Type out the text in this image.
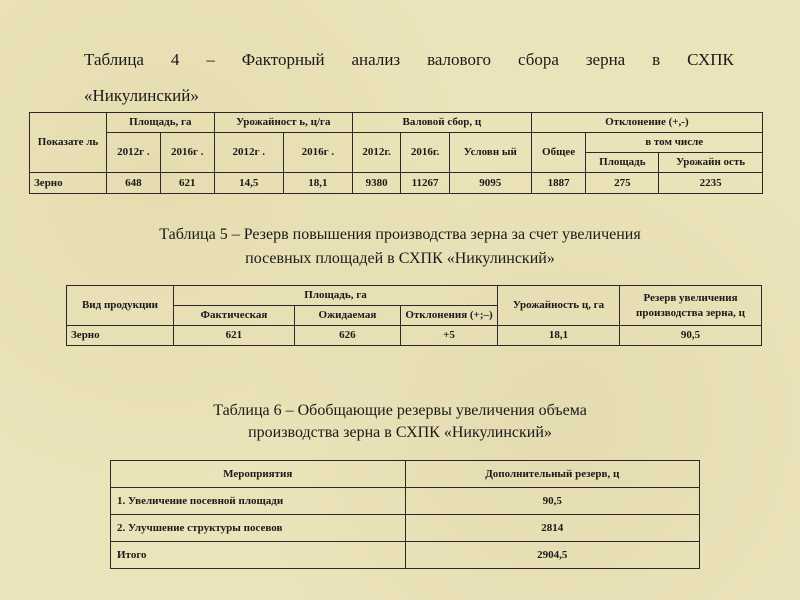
Таблица 4 – Факторный анализ валового сбора зерна в СХПК
«Никулинский»
Показате ль	Площадь, га		Урожайност ь, ц/га		Валовой сбор, ц			Отклонение (+,-)		
	2012г .	2016г .	2012г .	2016г .	2012г.	2016г.	Условн ый	Общее	в том числе	
									Площадь	Урожайн ость
Зерно	648	621	14,5	18,1	9380	11267	9095	1887	275	2235
Таблица 5 – Резерв повышения производства зерна за счет увеличения
посевных площадей в СХПК «Никулинский»
Вид продукции	Площадь, га			Урожайность ц, га	Резерв увеличения производства зерна, ц
	Фактическая	Ожидаемая	Отклонения (+;–)		
Зерно	621	626	+5	18,1	90,5
Таблица 6 – Обобщающие резервы увеличения объема
производства зерна в СХПК «Никулинский»
Мероприятия	Дополнительный резерв, ц
1. Увеличение посевной площади	90,5
2. Улучшение структуры посевов	2814
Итого	2904,5
